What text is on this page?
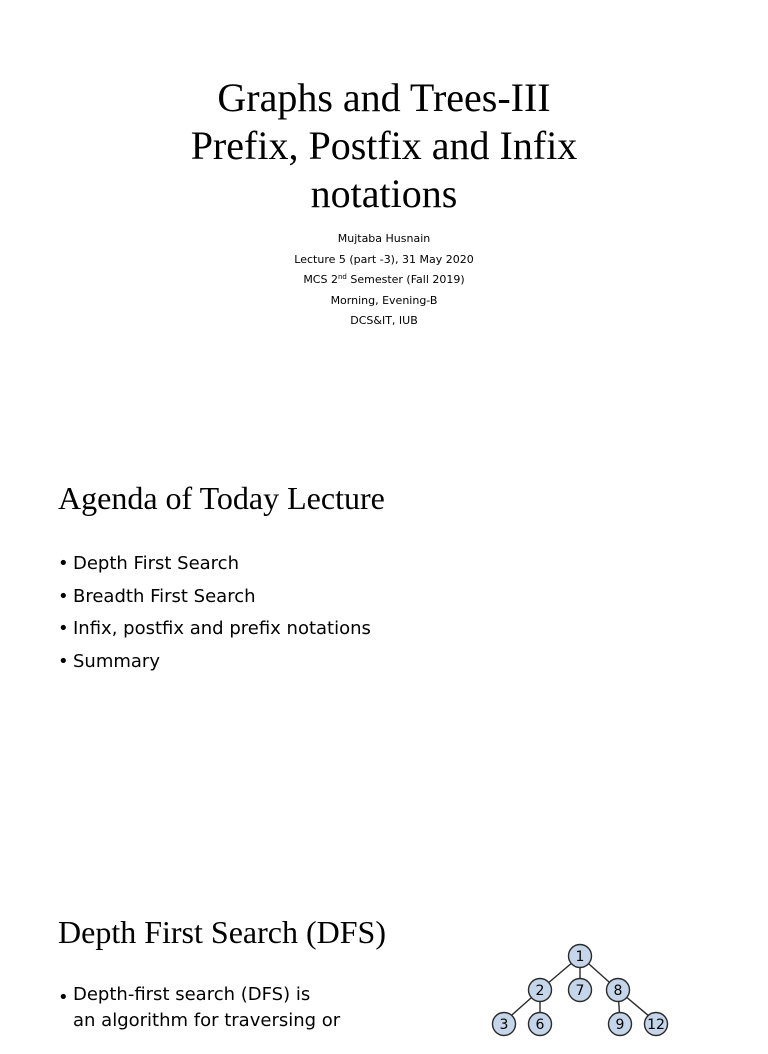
Graphs and Trees-III
Prefix, Postfix and Infix
notations
Mujtaba Husnain
Lecture 5 (part -3), 31 May 2020
MCS 2nd Semester (Fall 2019)
Morning, Evening-B
DCS&IT, IUB
Agenda of Today Lecture
• Depth First Search
• Breadth First Search
• Infix, postfix and prefix notations
• Summary
Depth First Search (DFS)
• Depth-first search (DFS) is
an algorithm for traversing or
1
2 7 8
3 6	9 12
